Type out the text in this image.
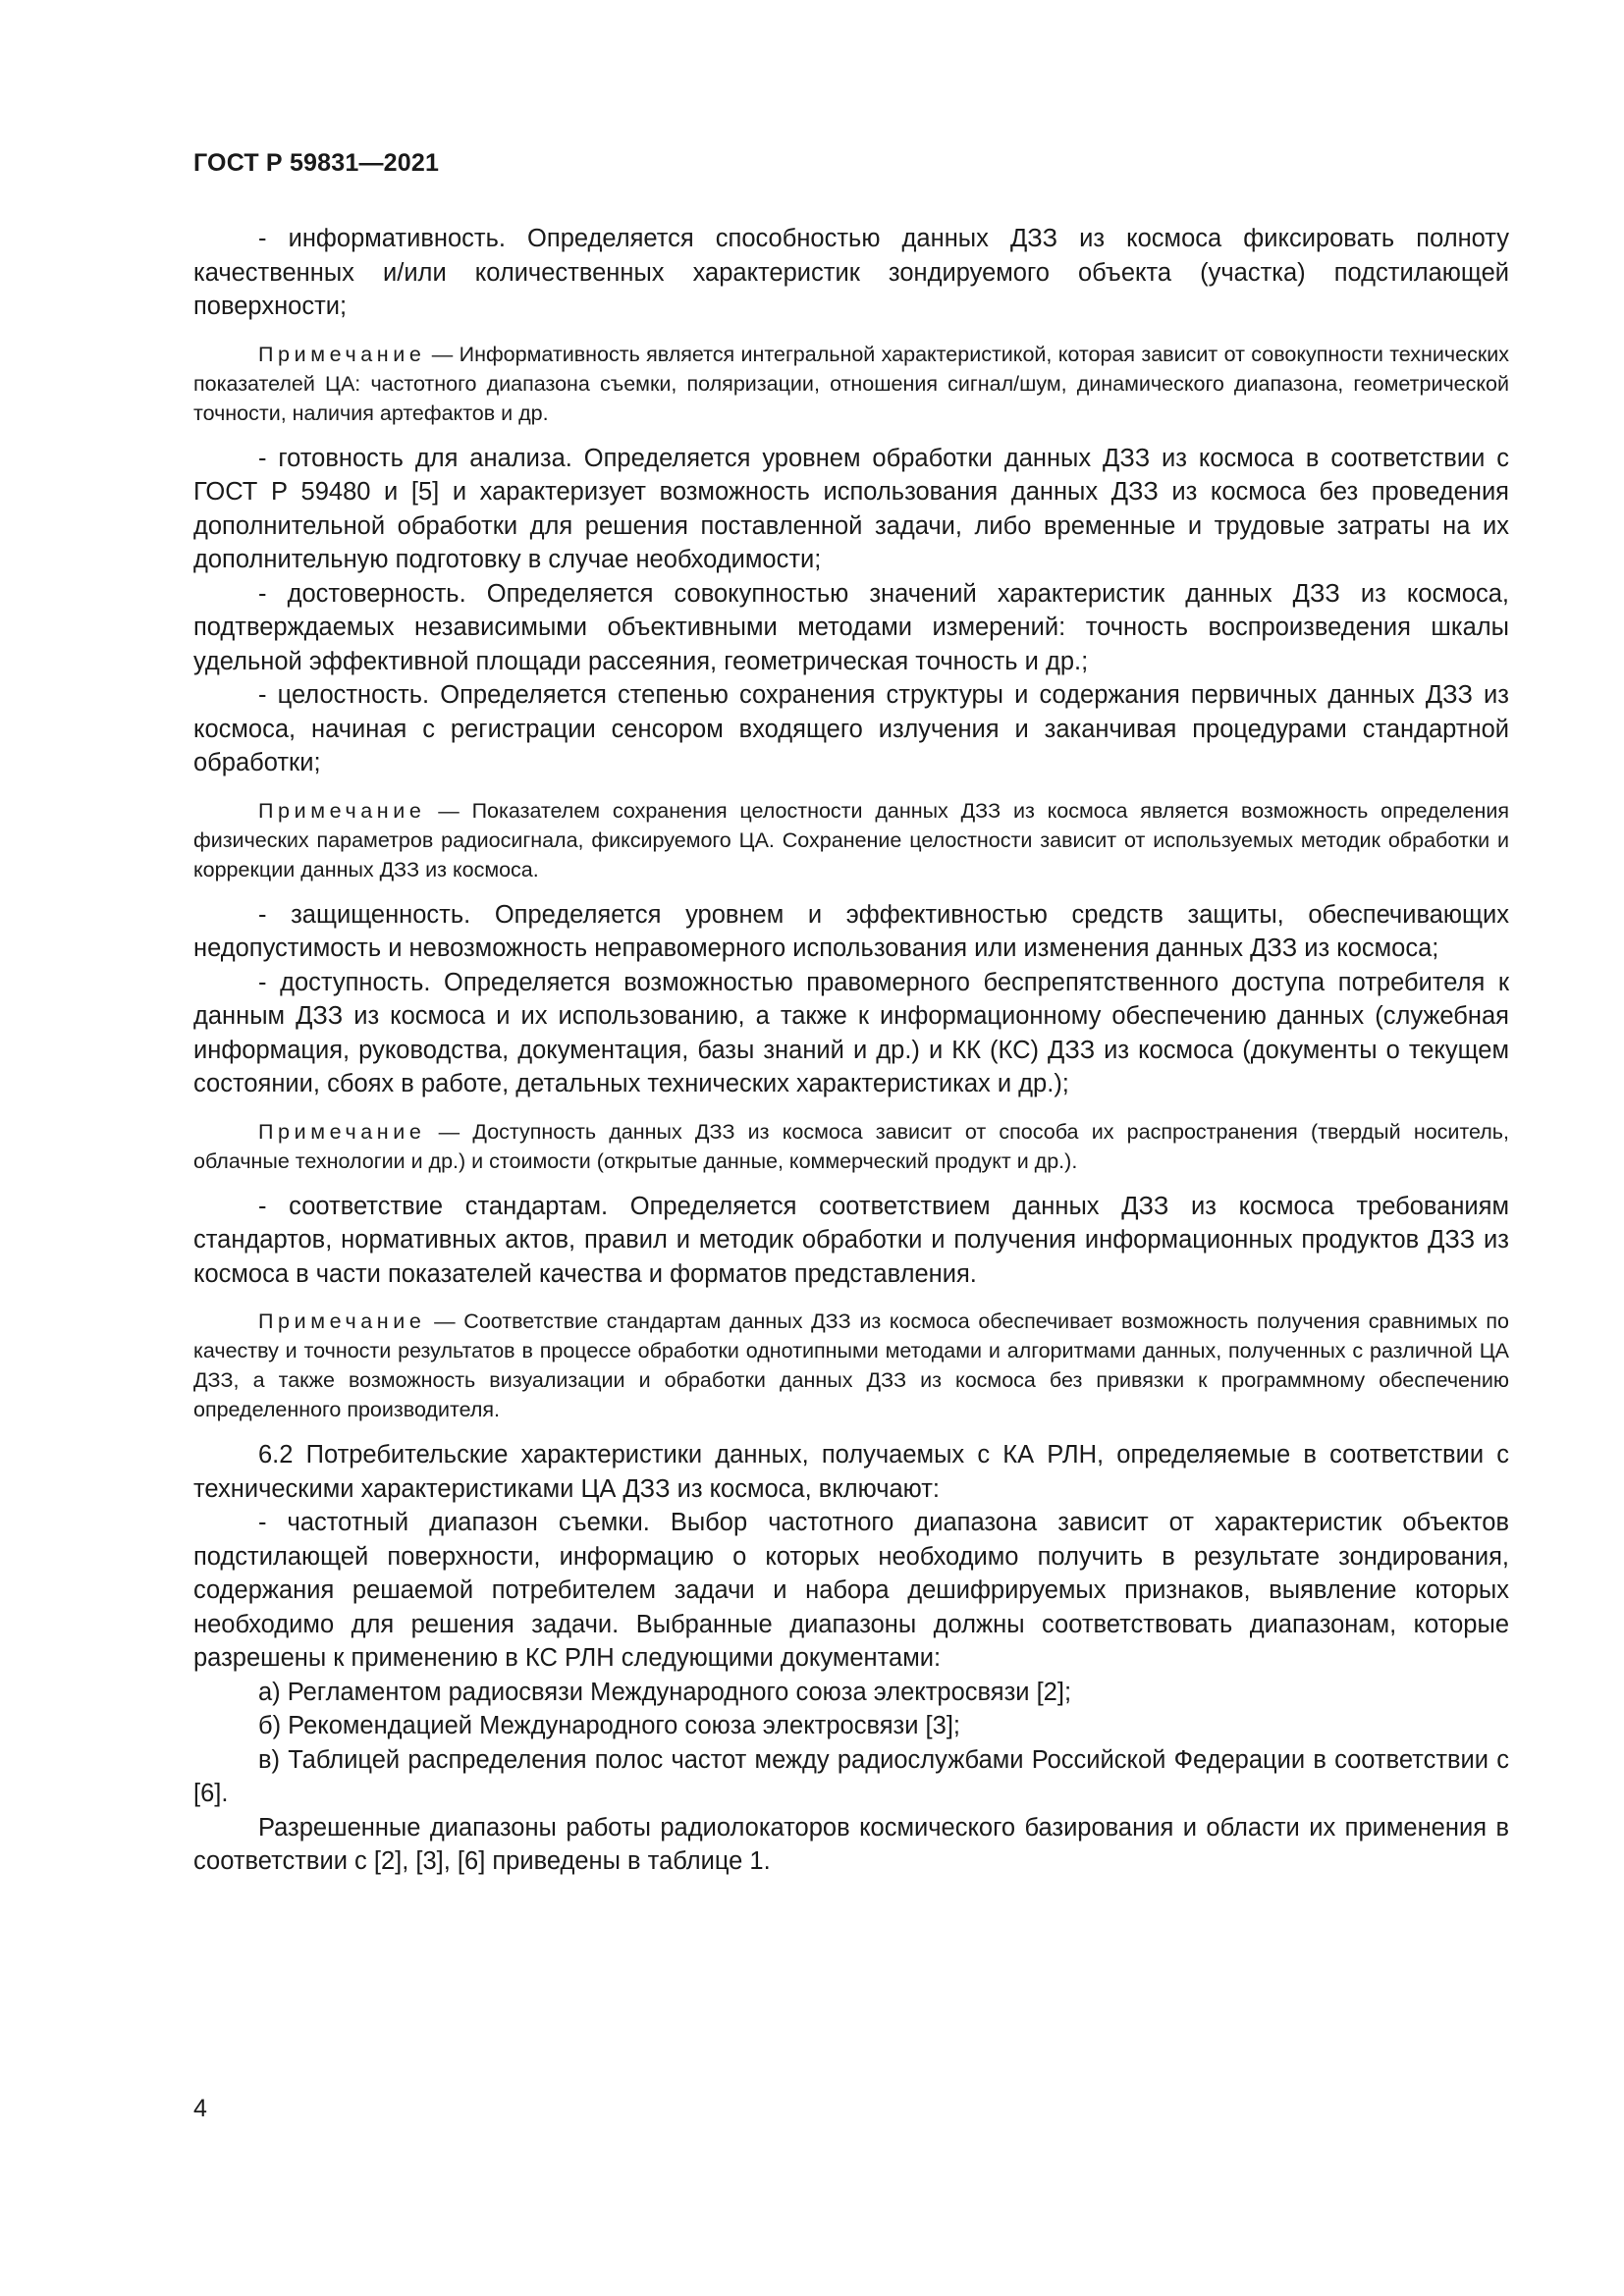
ГОСТ Р 59831—2021

- информативность. Определяется способностью данных ДЗЗ из космоса фиксировать полноту качественных и/или количественных характеристик зондируемого объекта (участка) подстилающей поверхности;

Примечание — Информативность является интегральной характеристикой, которая зависит от совокупности технических показателей ЦА: частотного диапазона съемки, поляризации, отношения сигнал/шум, динамического диапазона, геометрической точности, наличия артефактов и др.

- готовность для анализа. Определяется уровнем обработки данных ДЗЗ из космоса в соответствии с ГОСТ Р 59480 и [5] и характеризует возможность использования данных ДЗЗ из космоса без проведения дополнительной обработки для решения поставленной задачи, либо временные и трудовые затраты на их дополнительную подготовку в случае необходимости;

- достоверность. Определяется совокупностью значений характеристик данных ДЗЗ из космоса, подтверждаемых независимыми объективными методами измерений: точность воспроизведения шкалы удельной эффективной площади рассеяния, геометрическая точность и др.;

- целостность. Определяется степенью сохранения структуры и содержания первичных данных ДЗЗ из космоса, начиная с регистрации сенсором входящего излучения и заканчивая процедурами стандартной обработки;

Примечание — Показателем сохранения целостности данных ДЗЗ из космоса является возможность определения физических параметров радиосигнала, фиксируемого ЦА. Сохранение целостности зависит от используемых методик обработки и коррекции данных ДЗЗ из космоса.

- защищенность. Определяется уровнем и эффективностью средств защиты, обеспечивающих недопустимость и невозможность неправомерного использования или изменения данных ДЗЗ из космоса;

- доступность. Определяется возможностью правомерного беспрепятственного доступа потребителя к данным ДЗЗ из космоса и их использованию, а также к информационному обеспечению данных (служебная информация, руководства, документация, базы знаний и др.) и КК (КС) ДЗЗ из космоса (документы о текущем состоянии, сбоях в работе, детальных технических характеристиках и др.);

Примечание — Доступность данных ДЗЗ из космоса зависит от способа их распространения (твердый носитель, облачные технологии и др.) и стоимости (открытые данные, коммерческий продукт и др.).

- соответствие стандартам. Определяется соответствием данных ДЗЗ из космоса требованиям стандартов, нормативных актов, правил и методик обработки и получения информационных продуктов ДЗЗ из космоса в части показателей качества и форматов представления.

Примечание — Соответствие стандартам данных ДЗЗ из космоса обеспечивает возможность получения сравнимых по качеству и точности результатов в процессе обработки однотипными методами и алгоритмами данных, полученных с различной ЦА ДЗЗ, а также возможность визуализации и обработки данных ДЗЗ из космоса без привязки к программному обеспечению определенного производителя.

6.2 Потребительские характеристики данных, получаемых с КА РЛН, определяемые в соответствии с техническими характеристиками ЦА ДЗЗ из космоса, включают:

- частотный диапазон съемки. Выбор частотного диапазона зависит от характеристик объектов подстилающей поверхности, информацию о которых необходимо получить в результате зондирования, содержания решаемой потребителем задачи и набора дешифрируемых признаков, выявление которых необходимо для решения задачи. Выбранные диапазоны должны соответствовать диапазонам, которые разрешены к применению в КС РЛН следующими документами:

а) Регламентом радиосвязи Международного союза электросвязи [2];

б) Рекомендацией Международного союза электросвязи [3];

в) Таблицей распределения полос частот между радиослужбами Российской Федерации в соответствии с [6].

Разрешенные диапазоны работы радиолокаторов космического базирования и области их применения в соответствии с [2], [3], [6] приведены в таблице 1.

4
